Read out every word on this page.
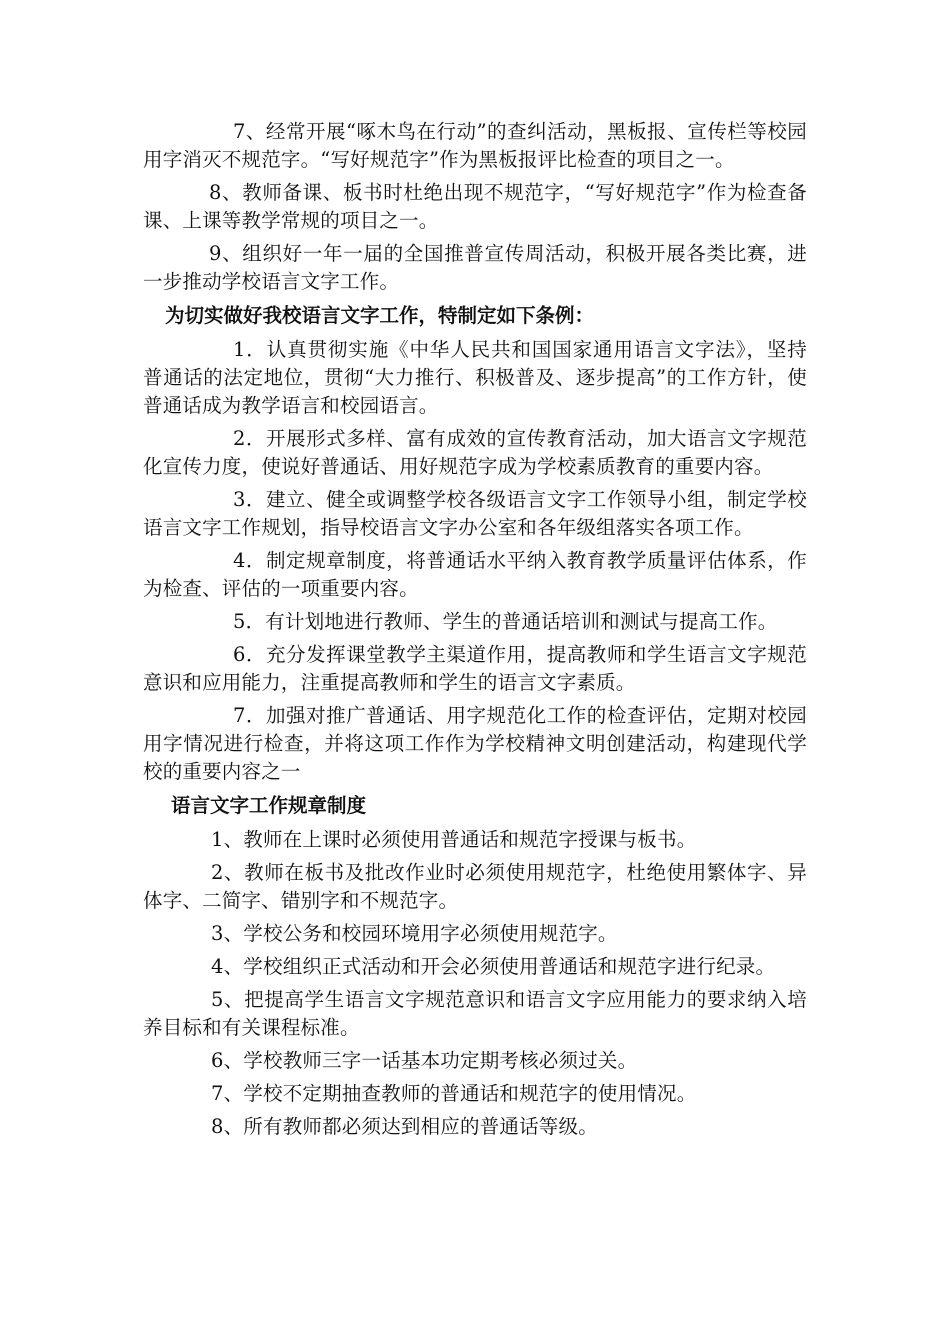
7、经常开展“啄木鸟在行动”的查纠活动，黑板报、宣传栏等校园用字消灭不规范字。“写好规范字”作为黑板报评比检查的项目之一。

8、教师备课、板书时杜绝出现不规范字，“写好规范字”作为检查备课、上课等教学常规的项目之一。

9、组织好一年一届的全国推普宣传周活动，积极开展各类比赛，进一步推动学校语言文字工作。

为切实做好我校语言文字工作，特制定如下条例：

1．认真贯彻实施《中华人民共和国国家通用语言文字法》，坚持普通话的法定地位，贯彻“大力推行、积极普及、逐步提高”的工作方针，使普通话成为教学语言和校园语言。

2．开展形式多样、富有成效的宣传教育活动，加大语言文字规范化宣传力度，使说好普通话、用好规范字成为学校素质教育的重要内容。

3．建立、健全或调整学校各级语言文字工作领导小组，制定学校语言文字工作规划，指导校语言文字办公室和各年级组落实各项工作。

4．制定规章制度，将普通话水平纳入教育教学质量评估体系，作为检查、评估的一项重要内容。

5．有计划地进行教师、学生的普通话培训和测试与提高工作。

6．充分发挥课堂教学主渠道作用，提高教师和学生语言文字规范意识和应用能力，注重提高教师和学生的语言文字素质。

7．加强对推广普通话、用字规范化工作的检查评估，定期对校园用字情况进行检查，并将这项工作作为学校精神文明创建活动，构建现代学校的重要内容之一

语言文字工作规章制度

1、教师在上课时必须使用普通话和规范字授课与板书。

2、教师在板书及批改作业时必须使用规范字，杜绝使用繁体字、异体字、二简字、错别字和不规范字。

3、学校公务和校园环境用字必须使用规范字。

4、学校组织正式活动和开会必须使用普通话和规范字进行纪录。

5、把提高学生语言文字规范意识和语言文字应用能力的要求纳入培养目标和有关课程标准。

6、学校教师三字一话基本功定期考核必须过关。

7、学校不定期抽查教师的普通话和规范字的使用情况。

8、所有教师都必须达到相应的普通话等级。
